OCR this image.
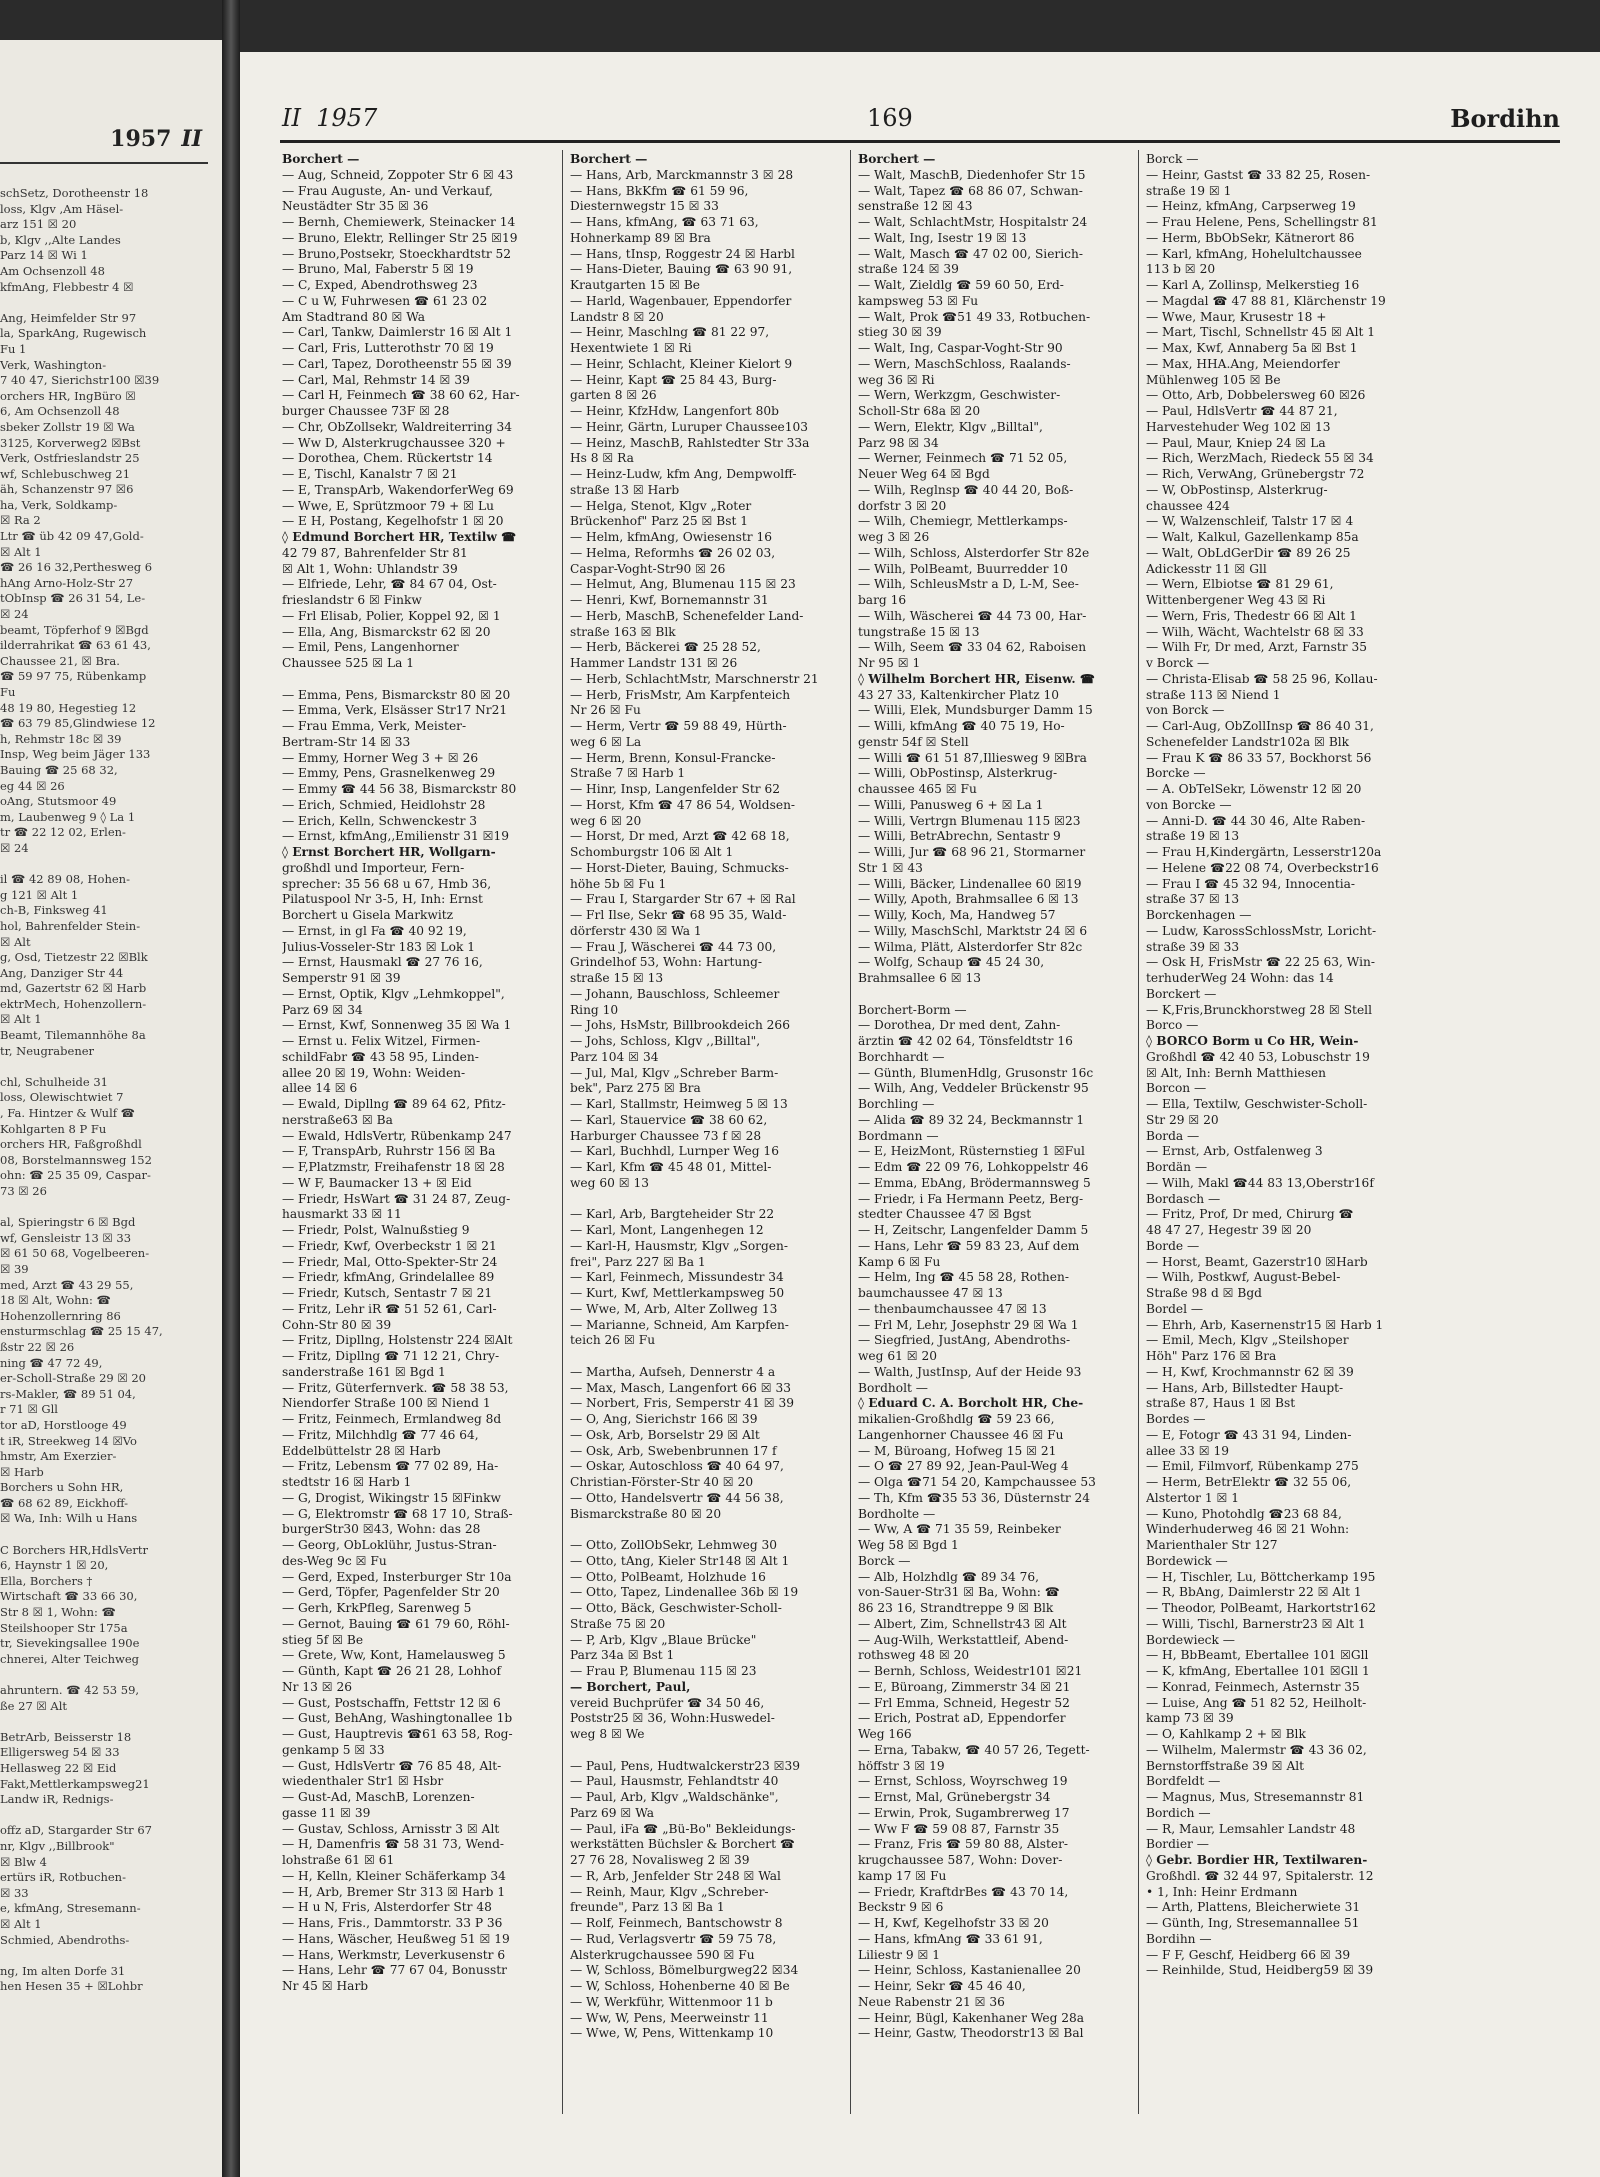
1957 II
schSetz, Dorotheenstr 18
loss, Klgv ,Am Häsel-
arz 151 ☒ 20
b, Klgv ,,Alte Landes
Parz 14 ☒ Wi 1
Am Ochsenzoll 48
kfmAng, Flebbestr 4 ☒

Ang, Heimfelder Str 97
la, SparkAng, Rugewisch
Fu 1
Verk, Washington-
7 40 47, Sierichstr100 ☒39
orchers HR, IngBüro ☒
6, Am Ochsenzoll 48
sbeker Zollstr 19 ☒ Wa
3125, Korverweg2 ☒Bst
Verk, Ostfrieslandstr 25
wf, Schlebuschweg 21
äh, Schanzenstr 97 ☒6
ha, Verk, Soldkamp-
☒ Ra 2
Ltr ☎ üb 42 09 47,Gold-
☒ Alt 1
☎ 26 16 32,Perthesweg 6
hAng Arno-Holz-Str 27
tObInsp ☎ 26 31 54, Le-
☒ 24
beamt, Töpferhof 9 ☒Bgd
ilderrahrikat ☎ 63 61 43,
Chaussee 21, ☒ Bra.
☎ 59 97 75, Rübenkamp
Fu
48 19 80, Hegestieg 12
☎ 63 79 85,Glindwiese 12
h, Rehmstr 18c ☒ 39
Insp, Weg beim Jäger 133
Bauing ☎ 25 68 32,
eg 44 ☒ 26
oAng, Stutsmoor 49
m, Laubenweg 9 ◊ La 1
tr ☎ 22 12 02, Erlen-
☒ 24

il ☎ 42 89 08, Hohen-
g 121 ☒ Alt 1
ch-B, Finksweg 41
hol, Bahrenfelder Stein-
☒ Alt
g, Osd, Tietzestr 22 ☒Blk
Ang, Danziger Str 44
md, Gazertstr 62 ☒ Harb
ektrMech, Hohenzollern-
☒ Alt 1
Beamt, Tilemannhöhe 8a
tr, Neugrabener

chl, Schulheide 31
loss, Olewischtwiet 7
, Fa. Hintzer & Wulf ☎
Kohlgarten 8 P Fu
orchers HR, Faßgroßhdl
08, Borstelmannsweg 152
ohn: ☎ 25 35 09, Caspar-
73 ☒ 26

al, Spieringstr 6 ☒ Bgd
wf, Gensleistr 13 ☒ 33
☒ 61 50 68, Vogelbeeren-
☒ 39
med, Arzt ☎ 43 29 55,
18 ☒ Alt, Wohn: ☎
Hohenzollernring 86
ensturmschlag ☎ 25 15 47,
ßstr 22 ☒ 26
ning ☎ 47 72 49,
er-Scholl-Straße 29 ☒ 20
rs-Makler, ☎ 89 51 04,
r 71 ☒ Gll
tor aD, Horstlooge 49
t iR, Streekweg 14 ☒Vo
hmstr, Am Exerzier-
☒ Harb
Borchers u Sohn HR,
☎ 68 62 89, Eickhoff-
☒ Wa, Inh: Wilh u Hans

C Borchers HR,HdlsVertr
6, Haynstr 1 ☒ 20,
Ella, Borchers †
Wirtschaft ☎ 33 66 30,
Str 8 ☒ 1, Wohn: ☎
Steilshooper Str 175a
tr, Sievekingsallee 190e
chnerei, Alter Teichweg

ahruntern. ☎ 42 53 59,
ße 27 ☒ Alt

BetrArb, Beisserstr 18
Elligersweg 54 ☒ 33
Hellasweg 22 ☒ Eid
Fakt,Mettlerkampsweg21
Landw iR, Rednigs-

offz aD, Stargarder Str 67
nr, Klgv ,,Billbrook"
☒ Blw 4
ertürs iR, Rotbuchen-
☒ 33
e, kfmAng, Stresemann-
☒ Alt 1
Schmied, Abendroths-

ng, Im alten Dorfe 31
hen Hesen 35 + ☒Lohbr
II 1957	169	Bordihn
Borchert —
— Aug, Schneid, Zoppoter Str 6 ☒ 43
— Frau Auguste, An- und Verkauf,
Neustädter Str 35 ☒ 36
— Bernh, Chemiewerk, Steinacker 14
— Bruno, Elektr, Rellinger Str 25 ☒19
— Bruno,Postsekr, Stoeckhardtstr 52
— Bruno, Mal, Faberstr 5 ☒ 19
— C, Exped, Abendrothsweg 23
— C u W, Fuhrwesen ☎ 61 23 02
Am Stadtrand 80 ☒ Wa
— Carl, Tankw, Daimlerstr 16 ☒ Alt 1
— Carl, Fris, Lutterothstr 70 ☒ 19
— Carl, Tapez, Dorotheenstr 55 ☒ 39
— Carl, Mal, Rehmstr 14 ☒ 39
— Carl H, Feinmech ☎ 38 60 62, Har-
burger Chaussee 73F ☒ 28
— Chr, ObZollsekr, Waldreiterring 34
— Ww D, Alsterkrugchaussee 320 +
— Dorothea, Chem. Rückertstr 14
— E, Tischl, Kanalstr 7 ☒ 21
— E, TranspArb, WakendorferWeg 69
— Wwe, E, Sprützmoor 79 + ☒ Lu
— E H, Postang, Kegelhofstr 1 ☒ 20
◊ Edmund Borchert HR, Textilw ☎
42 79 87, Bahrenfelder Str 81
☒ Alt 1, Wohn: Uhlandstr 39
— Elfriede, Lehr, ☎ 84 67 04, Ost-
frieslandstr 6 ☒ Finkw
— Frl Elisab, Polier, Koppel 92, ☒ 1
— Ella, Ang, Bismarckstr 62 ☒ 20
— Emil, Pens, Langenhorner
Chaussee 525 ☒ La 1

— Emma, Pens, Bismarckstr 80 ☒ 20
— Emma, Verk, Elsässer Str17 Nr21
— Frau Emma, Verk, Meister-
Bertram-Str 14 ☒ 33
— Emmy, Horner Weg 3 + ☒ 26
— Emmy, Pens, Grasnelkenweg 29
— Emmy ☎ 44 56 38, Bismarckstr 80
— Erich, Schmied, Heidlohstr 28
— Erich, Kelln, Schwenckestr 3
— Ernst, kfmAng,,Emilienstr 31 ☒19
◊ Ernst Borchert HR, Wollgarn-
großhdl und Importeur, Fern-
sprecher: 35 56 68 u 67, Hmb 36,
Pilatuspool Nr 3-5, H, Inh: Ernst
Borchert u Gisela Markwitz
— Ernst, in gl Fa ☎ 40 92 19,
Julius-Vosseler-Str 183 ☒ Lok 1
— Ernst, Hausmakl ☎ 27 76 16,
Semperstr 91 ☒ 39
— Ernst, Optik, Klgv „Lehmkoppel",
Parz 69 ☒ 34
— Ernst, Kwf, Sonnenweg 35 ☒ Wa 1
— Ernst u. Felix Witzel, Firmen-
schildFabr ☎ 43 58 95, Linden-
allee 20 ☒ 19, Wohn: Weiden-
allee 14 ☒ 6
— Ewald, Dipllng ☎ 89 64 62, Pfitz-
nerstraße63 ☒ Ba
— Ewald, HdlsVertr, Rübenkamp 247
— F, TranspArb, Ruhrstr 156 ☒ Ba
— F,Platzmstr, Freihafenstr 18 ☒ 28
— W F, Baumacker 13 + ☒ Eid
— Friedr, HsWart ☎ 31 24 87, Zeug-
hausmarkt 33 ☒ 11
— Friedr, Polst, Walnußstieg 9
— Friedr, Kwf, Overbeckstr 1 ☒ 21
— Friedr, Mal, Otto-Spekter-Str 24
— Friedr, kfmAng, Grindelallee 89
— Friedr, Kutsch, Sentastr 7 ☒ 21
— Fritz, Lehr iR ☎ 51 52 61, Carl-
Cohn-Str 80 ☒ 39
— Fritz, Dipllng, Holstenstr 224 ☒Alt
— Fritz, Dipllng ☎ 71 12 21, Chry-
sanderstraße 161 ☒ Bgd 1
— Fritz, Güterfernverk. ☎ 58 38 53,
Niendorfer Straße 100 ☒ Niend 1
— Fritz, Feinmech, Ermlandweg 8d
— Fritz, Milchhdlg ☎ 77 46 64,
Eddelbüttelstr 28 ☒ Harb
— Fritz, Lebensm ☎ 77 02 89, Ha-
stedtstr 16 ☒ Harb 1
— G, Drogist, Wikingstr 15 ☒Finkw
— G, Elektromstr ☎ 68 17 10, Straß-
burgerStr30 ☒43, Wohn: das 28
— Georg, ObLoklühr, Justus-Stran-
des-Weg 9c ☒ Fu
— Gerd, Exped, Insterburger Str 10a
— Gerd, Töpfer, Pagenfelder Str 20
— Gerh, KrkPfleg, Sarenweg 5
— Gernot, Bauing ☎ 61 79 60, Röhl-
stieg 5f ☒ Be
— Grete, Ww, Kont, Hamelausweg 5
— Günth, Kapt ☎ 26 21 28, Lohhof
Nr 13 ☒ 26
— Gust, Postschaffn, Fettstr 12 ☒ 6
— Gust, BehAng, Washingtonallee 1b
— Gust, Hauptrevis ☎61 63 58, Rog-
genkamp 5 ☒ 33
— Gust, HdlsVertr ☎ 76 85 48, Alt-
wiedenthaler Str1 ☒ Hsbr
— Gust-Ad, MaschB, Lorenzen-
gasse 11 ☒ 39
— Gustav, Schloss, Arnisstr 3 ☒ Alt
— H, Damenfris ☎ 58 31 73, Wend-
lohstraße 61 ☒ 61
— H, Kelln, Kleiner Schäferkamp 34
— H, Arb, Bremer Str 313 ☒ Harb 1
— H u N, Fris, Alsterdorfer Str 48
— Hans, Fris., Dammtorstr. 33 P 36
— Hans, Wäscher, Heußweg 51 ☒ 19
— Hans, Werkmstr, Leverkusenstr 6
— Hans, Lehr ☎ 77 67 04, Bonusstr
Nr 45 ☒ Harb
Borchert —
— Hans, Arb, Marckmannstr 3 ☒ 28
— Hans, BkKfm ☎ 61 59 96,
Diesternwegstr 15 ☒ 33
— Hans, kfmAng, ☎ 63 71 63,
Hohnerkamp 89 ☒ Bra
— Hans, tInsp, Roggestr 24 ☒ Harbl
— Hans-Dieter, Bauing ☎ 63 90 91,
Krautgarten 15 ☒ Be
— Harld, Wagenbauer, Eppendorfer
Landstr 8 ☒ 20
— Heinr, Maschlng ☎ 81 22 97,
Hexentwiete 1 ☒ Ri
— Heinr, Schlacht, Kleiner Kielort 9
— Heinr, Kapt ☎ 25 84 43, Burg-
garten 8 ☒ 26
— Heinr, KfzHdw, Langenfort 80b
— Heinr, Gärtn, Luruper Chaussee103
— Heinz, MaschB, Rahlstedter Str 33a
Hs 8 ☒ Ra
— Heinz-Ludw, kfm Ang, Dempwolff-
straße 13 ☒ Harb
— Helga, Stenot, Klgv „Roter
Brückenhof" Parz 25 ☒ Bst 1
— Helm, kfmAng, Owiesenstr 16
— Helma, Reformhs ☎ 26 02 03,
Caspar-Voght-Str90 ☒ 26
— Helmut, Ang, Blumenau 115 ☒ 23
— Henri, Kwf, Bornemannstr 31
— Herb, MaschB, Schenefelder Land-
straße 163 ☒ Blk
— Herb, Bäckerei ☎ 25 28 52,
Hammer Landstr 131 ☒ 26
— Herb, SchlachtMstr, Marschnerstr 21
— Herb, FrisMstr, Am Karpfenteich
Nr 26 ☒ Fu
— Herm, Vertr ☎ 59 88 49, Hürth-
weg 6 ☒ La
— Herm, Brenn, Konsul-Francke-
Straße 7 ☒ Harb 1
— Hinr, Insp, Langenfelder Str 62
— Horst, Kfm ☎ 47 86 54, Woldsen-
weg 6 ☒ 20
— Horst, Dr med, Arzt ☎ 42 68 18,
Schomburgstr 106 ☒ Alt 1
— Horst-Dieter, Bauing, Schmucks-
höhe 5b ☒ Fu 1
— Frau I, Stargarder Str 67 + ☒ Ral
— Frl Ilse, Sekr ☎ 68 95 35, Wald-
dörferstr 430 ☒ Wa 1
— Frau J, Wäscherei ☎ 44 73 00,
Grindelhof 53, Wohn: Hartung-
straße 15 ☒ 13
— Johann, Bauschloss, Schleemer
Ring 10
— Johs, HsMstr, Billbrookdeich 266
— Johs, Schloss, Klgv ,,Billtal",
Parz 104 ☒ 34
— Jul, Mal, Klgv „Schreber Barm-
bek", Parz 275 ☒ Bra
— Karl, Stallmstr, Heimweg 5 ☒ 13
— Karl, Stauervice ☎ 38 60 62,
Harburger Chaussee 73 f ☒ 28
— Karl, Buchhdl, Lurnper Weg 16
— Karl, Kfm ☎ 45 48 01, Mittel-
weg 60 ☒ 13

— Karl, Arb, Bargteheider Str 22
— Karl, Mont, Langenhegen 12
— Karl-H, Hausmstr, Klgv „Sorgen-
frei", Parz 227 ☒ Ba 1
— Karl, Feinmech, Missundestr 34
— Kurt, Kwf, Mettlerkampsweg 50
— Wwe, M, Arb, Alter Zollweg 13
— Marianne, Schneid, Am Karpfen-
teich 26 ☒ Fu

— Martha, Aufseh, Dennerstr 4 a
— Max, Masch, Langenfort 66 ☒ 33
— Norbert, Fris, Semperstr 41 ☒ 39
— O, Ang, Sierichstr 166 ☒ 39
— Osk, Arb, Borselstr 29 ☒ Alt
— Osk, Arb, Swebenbrunnen 17 f
— Oskar, Autoschloss ☎ 40 64 97,
Christian-Förster-Str 40 ☒ 20
— Otto, Handelsvertr ☎ 44 56 38,
Bismarckstraße 80 ☒ 20

— Otto, ZollObSekr, Lehmweg 30
— Otto, tAng, Kieler Str148 ☒ Alt 1
— Otto, PolBeamt, Holzhude 16
— Otto, Tapez, Lindenallee 36b ☒ 19
— Otto, Bäck, Geschwister-Scholl-
Straße 75 ☒ 20
— P, Arb, Klgv „Blaue Brücke"
Parz 34a ☒ Bst 1
— Frau P, Blumenau 115 ☒ 23
— Borchert, Paul,
vereid Buchprüfer ☎ 34 50 46,
Poststr25 ☒ 36, Wohn:Huswedel-
weg 8 ☒ We

— Paul, Pens, Hudtwalckerstr23 ☒39
— Paul, Hausmstr, Fehlandtstr 40
— Paul, Arb, Klgv „Waldschänke",
Parz 69 ☒ Wa
— Paul, iFa ☎ „Bü-Bo" Bekleidungs-
werkstätten Büchsler & Borchert ☎
27 76 28, Novalisweg 2 ☒ 39
— R, Arb, Jenfelder Str 248 ☒ Wal
— Reinh, Maur, Klgv „Schreber-
freunde", Parz 13 ☒ Ba 1
— Rolf, Feinmech, Bantschowstr 8
— Rud, Verlagsvertr ☎ 59 75 78,
Alsterkrugchaussee 590 ☒ Fu
— W, Schloss, Bömelburgweg22 ☒34
— W, Schloss, Hohenberne 40 ☒ Be
— W, Werkführ, Wittenmoor 11 b
— Ww, W, Pens, Meerweinstr 11
— Wwe, W, Pens, Wittenkamp 10
Borchert —
— Walt, MaschB, Diedenhofer Str 15
— Walt, Tapez ☎ 68 86 07, Schwan-
senstraße 12 ☒ 43
— Walt, SchlachtMstr, Hospitalstr 24
— Walt, Ing, Isestr 19 ☒ 13
— Walt, Masch ☎ 47 02 00, Sierich-
straße 124 ☒ 39
— Walt, Zieldlg ☎ 59 60 50, Erd-
kampsweg 53 ☒ Fu
— Walt, Prok ☎51 49 33, Rotbuchen-
stieg 30 ☒ 39
— Walt, Ing, Caspar-Voght-Str 90
— Wern, MaschSchloss, Raalands-
weg 36 ☒ Ri
— Wern, Werkzgm, Geschwister-
Scholl-Str 68a ☒ 20
— Wern, Elektr, Klgv „Billtal",
Parz 98 ☒ 34
— Werner, Feinmech ☎ 71 52 05,
Neuer Weg 64 ☒ Bgd
— Wilh, Reglnsp ☎ 40 44 20, Boß-
dorfstr 3 ☒ 20
— Wilh, Chemiegr, Mettlerkamps-
weg 3 ☒ 26
— Wilh, Schloss, Alsterdorfer Str 82e
— Wilh, PolBeamt, Buurredder 10
— Wilh, SchleusMstr a D, L-M, See-
barg 16
— Wilh, Wäscherei ☎ 44 73 00, Har-
tungstraße 15 ☒ 13
— Wilh, Seem ☎ 33 04 62, Raboisen
Nr 95 ☒ 1
◊ Wilhelm Borchert HR, Eisenw. ☎
43 27 33, Kaltenkircher Platz 10
— Willi, Elek, Mundsburger Damm 15
— Willi, kfmAng ☎ 40 75 19, Ho-
genstr 54f ☒ Stell
— Willi ☎ 61 51 87,Illiesweg 9 ☒Bra
— Willi, ObPostinsp, Alsterkrug-
chaussee 465 ☒ Fu
— Willi, Panusweg 6 + ☒ La 1
— Willi, Vertrgn Blumenau 115 ☒23
— Willi, BetrAbrechn, Sentastr 9
— Willi, Jur ☎ 68 96 21, Stormarner
Str 1 ☒ 43
— Willi, Bäcker, Lindenallee 60 ☒19
— Willy, Apoth, Brahmsallee 6 ☒ 13
— Willy, Koch, Ma, Handweg 57
— Willy, MaschSchl, Marktstr 24 ☒ 6
— Wilma, Plätt, Alsterdorfer Str 82c
— Wolfg, Schaup ☎ 45 24 30,
Brahmsallee 6 ☒ 13

Borchert-Borm —
— Dorothea, Dr med dent, Zahn-
ärztin ☎ 42 02 64, Tönsfeldtstr 16
Borchhardt —
— Günth, BlumenHdlg, Grusonstr 16c
— Wilh, Ang, Veddeler Brückenstr 95
Borchling —
— Alida ☎ 89 32 24, Beckmannstr 1
Bordmann —
— E, HeizMont, Rüsternstieg 1 ☒Ful
— Edm ☎ 22 09 76, Lohkoppelstr 46
— Emma, EbAng, Brödermannsweg 5
— Friedr, i Fa Hermann Peetz, Berg-
stedter Chaussee 47 ☒ Bgst
— H, Zeitschr, Langenfelder Damm 5
— Hans, Lehr ☎ 59 83 23, Auf dem
Kamp 6 ☒ Fu
— Helm, Ing ☎ 45 58 28, Rothen-
baumchaussee 47 ☒ 13
— thenbaumchaussee 47 ☒ 13
— Frl M, Lehr, Josephstr 29 ☒ Wa 1
— Siegfried, JustAng, Abendroths-
weg 61 ☒ 20
— Walth, JustInsp, Auf der Heide 93
Bordholt —
◊ Eduard C. A. Borcholt HR, Che-
mikalien-Großhdlg ☎ 59 23 66,
Langenhorner Chaussee 46 ☒ Fu
— M, Büroang, Hofweg 15 ☒ 21
— O ☎ 27 89 92, Jean-Paul-Weg 4
— Olga ☎71 54 20, Kampchaussee 53
— Th, Kfm ☎35 53 36, Düsternstr 24
Bordholte —
— Ww, A ☎ 71 35 59, Reinbeker
Weg 58 ☒ Bgd 1
Borck —
— Alb, Holzhdlg ☎ 89 34 76,
von-Sauer-Str31 ☒ Ba, Wohn: ☎
86 23 16, Strandtreppe 9 ☒ Blk
— Albert, Zim, Schnellstr43 ☒ Alt
— Aug-Wilh, Werkstattleif, Abend-
rothsweg 48 ☒ 20
— Bernh, Schloss, Weidestr101 ☒21
— E, Büroang, Zimmerstr 34 ☒ 21
— Frl Emma, Schneid, Hegestr 52
— Erich, Postrat aD, Eppendorfer
Weg 166
— Erna, Tabakw, ☎ 40 57 26, Tegett-
höffstr 3 ☒ 19
— Ernst, Schloss, Woyrschweg 19
— Ernst, Mal, Grünebergstr 34
— Erwin, Prok, Sugambrerweg 17
— Ww F ☎ 59 08 87, Farnstr 35
— Franz, Fris ☎ 59 80 88, Alster-
krugchaussee 587, Wohn: Dover-
kamp 17 ☒ Fu
— Friedr, KraftdrBes ☎ 43 70 14,
Beckstr 9 ☒ 6
— H, Kwf, Kegelhofstr 33 ☒ 20
— Hans, kfmAng ☎ 33 61 91,
Liliestr 9 ☒ 1
— Heinr, Schloss, Kastanienallee 20
— Heinr, Sekr ☎ 45 46 40,
Neue Rabenstr 21 ☒ 36
— Heinr, Bügl, Kakenhaner Weg 28a
— Heinr, Gastw, Theodorstr13 ☒ Bal
Borck —
— Heinr, Gastst ☎ 33 82 25, Rosen-
straße 19 ☒ 1
— Heinz, kfmAng, Carpserweg 19
— Frau Helene, Pens, Schellingstr 81
— Herm, BbObSekr, Kätnerort 86
— Karl, kfmAng, Hohelultchaussee
113 b ☒ 20
— Karl A, Zollinsp, Melkerstieg 16
— Magdal ☎ 47 88 81, Klärchenstr 19
— Wwe, Maur, Krusestr 18 +
— Mart, Tischl, Schnellstr 45 ☒ Alt 1
— Max, Kwf, Annaberg 5a ☒ Bst 1
— Max, HHA.Ang, Meiendorfer
Mühlenweg 105 ☒ Be
— Otto, Arb, Dobbelersweg 60 ☒26
— Paul, HdlsVertr ☎ 44 87 21,
Harvestehuder Weg 102 ☒ 13
— Paul, Maur, Kniep 24 ☒ La
— Rich, WerzMach, Riedeck 55 ☒ 34
— Rich, VerwAng, Grünebergstr 72
— W, ObPostinsp, Alsterkrug-
chaussee 424
— W, Walzenschleif, Talstr 17 ☒ 4
— Walt, Kalkul, Gazellenkamp 85a
— Walt, ObLdGerDir ☎ 89 26 25
Adickesstr 11 ☒ Gll
— Wern, Elbiotse ☎ 81 29 61,
Wittenbergener Weg 43 ☒ Ri
— Wern, Fris, Thedestr 66 ☒ Alt 1
— Wilh, Wächt, Wachtelstr 68 ☒ 33
— Wilh Fr, Dr med, Arzt, Farnstr 35
v Borck —
— Christa-Elisab ☎ 58 25 96, Kollau-
straße 113 ☒ Niend 1
von Borck —
— Carl-Aug, ObZollInsp ☎ 86 40 31,
Schenefelder Landstr102a ☒ Blk
— Frau K ☎ 86 33 57, Bockhorst 56
Borcke —
— A. ObTelSekr, Löwenstr 12 ☒ 20
von Borcke —
— Anni-D. ☎ 44 30 46, Alte Raben-
straße 19 ☒ 13
— Frau H,Kindergärtn, Lesserstr120a
— Helene ☎22 08 74, Overbeckstr16
— Frau I ☎ 45 32 94, Innocentia-
straße 37 ☒ 13
Borckenhagen —
— Ludw, KarossSchlossMstr, Loricht-
straße 39 ☒ 33
— Osk H, FrisMstr ☎ 22 25 63, Win-
terhuderWeg 24 Wohn: das 14
Borckert —
— K,Fris,Brunckhorstweg 28 ☒ Stell
Borco —
◊ BORCO Borm u Co HR, Wein-
Großhdl ☎ 42 40 53, Lobuschstr 19
☒ Alt, Inh: Bernh Matthiesen
Borcon —
— Ella, Textilw, Geschwister-Scholl-
Str 29 ☒ 20
Borda —
— Ernst, Arb, Ostfalenweg 3
Bordän —
— Wilh, Makl ☎44 83 13,Oberstr16f
Bordasch —
— Fritz, Prof, Dr med, Chirurg ☎
48 47 27, Hegestr 39 ☒ 20
Borde —
— Horst, Beamt, Gazerstr10 ☒Harb
— Wilh, Postkwf, August-Bebel-
Straße 98 d ☒ Bgd
Bordel —
— Ehrh, Arb, Kasernenstr15 ☒ Harb 1
— Emil, Mech, Klgv „Steilshoper
Höh" Parz 176 ☒ Bra
— H, Kwf, Krochmannstr 62 ☒ 39
— Hans, Arb, Billstedter Haupt-
straße 87, Haus 1 ☒ Bst
Bordes —
— E, Fotogr ☎ 43 31 94, Linden-
allee 33 ☒ 19
— Emil, Filmvorf, Rübenkamp 275
— Herm, BetrElektr ☎ 32 55 06,
Alstertor 1 ☒ 1
— Kuno, Photohdlg ☎23 68 84,
Winderhuderweg 46 ☒ 21 Wohn:
Marienthaler Str 127
Bordewick —
— H, Tischler, Lu, Böttcherkamp 195
— R, BbAng, Daimlerstr 22 ☒ Alt 1
— Theodor, PolBeamt, Harkortstr162
— Willi, Tischl, Barnerstr23 ☒ Alt 1
Bordewieck —
— H, BbBeamt, Ebertallee 101 ☒Gll
— K, kfmAng, Ebertallee 101 ☒Gll 1
— Konrad, Feinmech, Asternstr 35
— Luise, Ang ☎ 51 82 52, Heilholt-
kamp 73 ☒ 39
— O, Kahlkamp 2 + ☒ Blk
— Wilhelm, Malermstr ☎ 43 36 02,
Bernstorffstraße 39 ☒ Alt
Bordfeldt —
— Magnus, Mus, Stresemannstr 81
Bordich —
— R, Maur, Lemsahler Landstr 48
Bordier —
◊ Gebr. Bordier HR, Textilwaren-
Großhdl. ☎ 32 44 97, Spitalerstr. 12
• 1, Inh: Heinr Erdmann
— Arth, Plattens, Bleicherwiete 31
— Günth, Ing, Stresemannallee 51
Bordihn —
— F F, Geschf, Heidberg 66 ☒ 39
— Reinhilde, Stud, Heidberg59 ☒ 39
